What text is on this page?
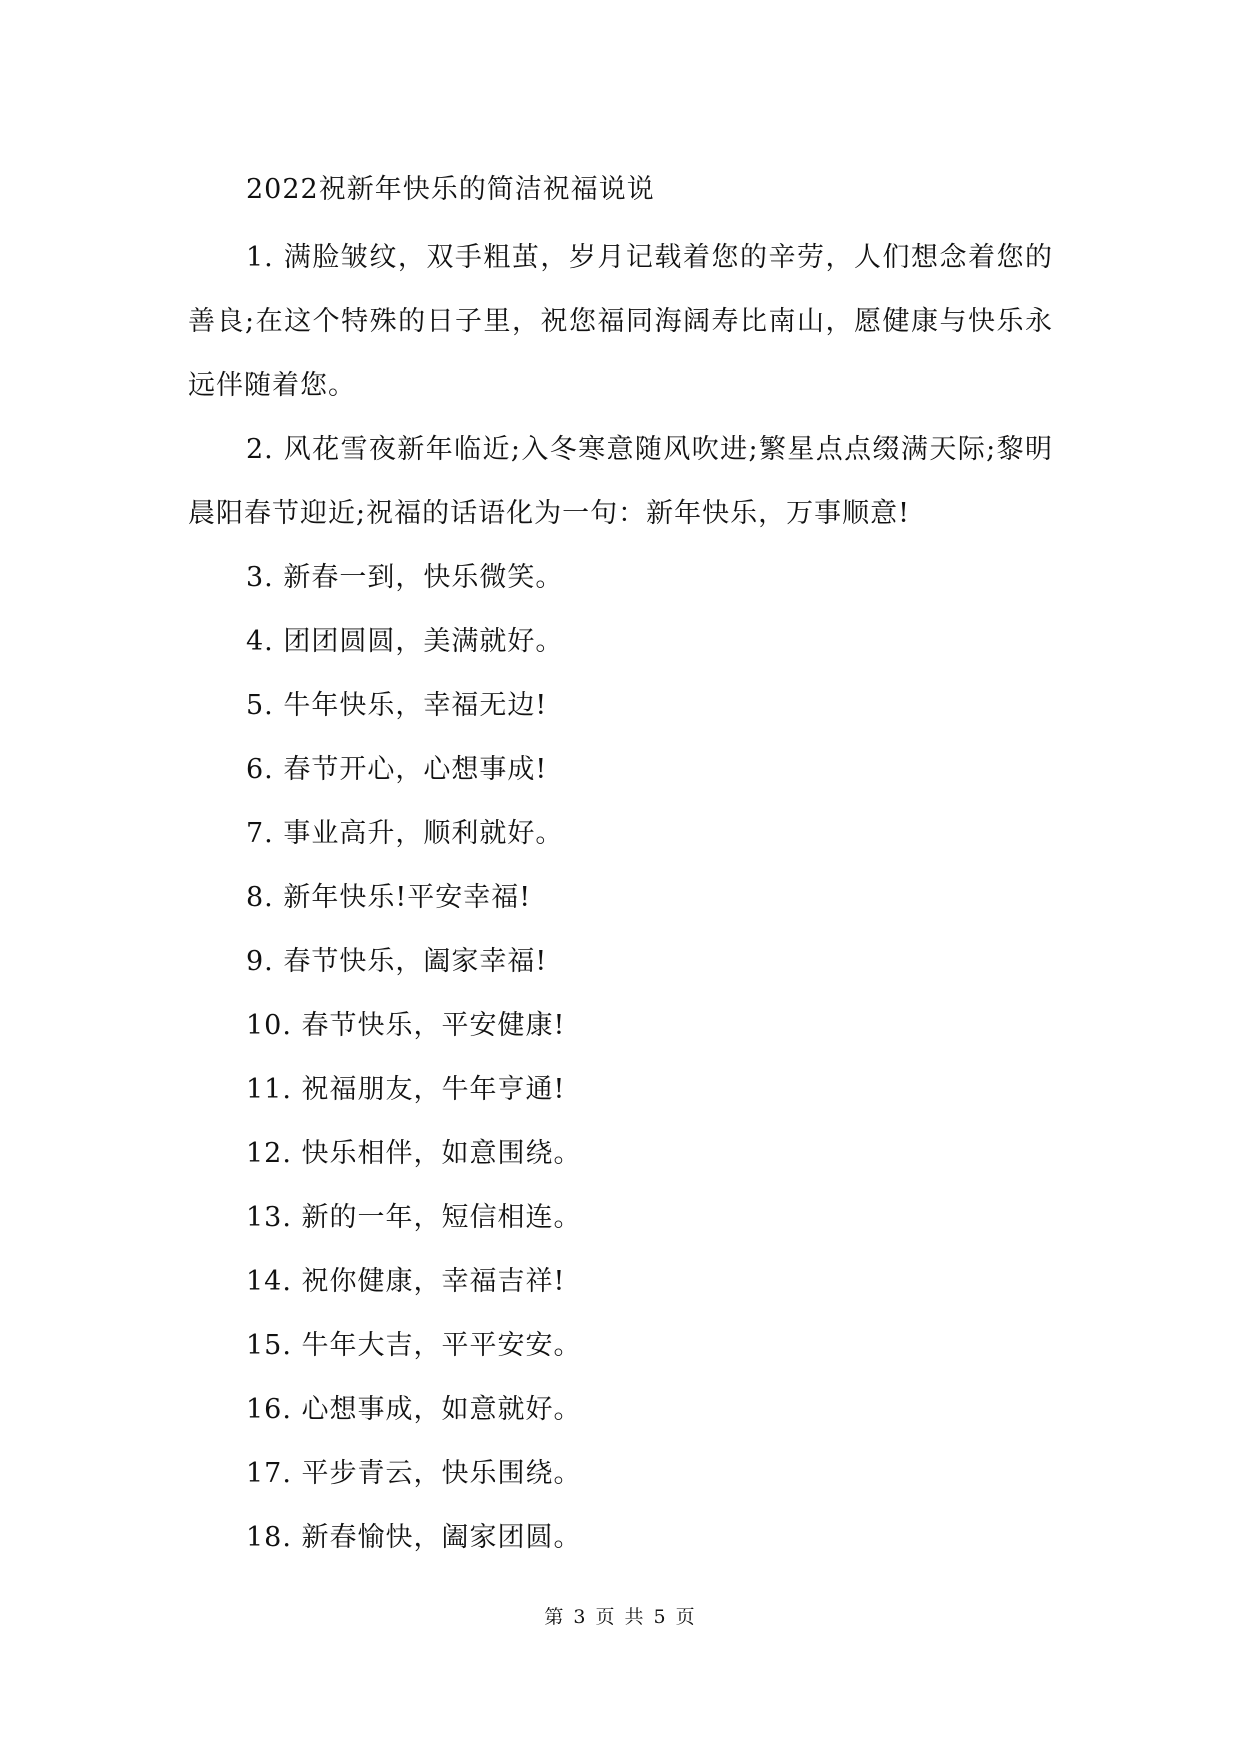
2022祝新年快乐的简洁祝福说说

1. 满脸皱纹，双手粗茧，岁月记载着您的辛劳，人们想念着您的善良;在这个特殊的日子里，祝您福同海阔寿比南山，愿健康与快乐永远伴随着您。

2. 风花雪夜新年临近;入冬寒意随风吹进;繁星点点缀满天际;黎明晨阳春节迎近;祝福的话语化为一句：新年快乐，万事顺意!

3. 新春一到，快乐微笑。

4. 团团圆圆，美满就好。

5. 牛年快乐，幸福无边!

6. 春节开心，心想事成!

7. 事业高升，顺利就好。

8. 新年快乐!平安幸福!

9. 春节快乐，阖家幸福!

10. 春节快乐，平安健康!

11. 祝福朋友，牛年亨通!

12. 快乐相伴，如意围绕。

13. 新的一年，短信相连。

14. 祝你健康，幸福吉祥!

15. 牛年大吉，平平安安。

16. 心想事成，如意就好。

17. 平步青云，快乐围绕。

18. 新春愉快，阖家团圆。

第 3 页 共 5 页
